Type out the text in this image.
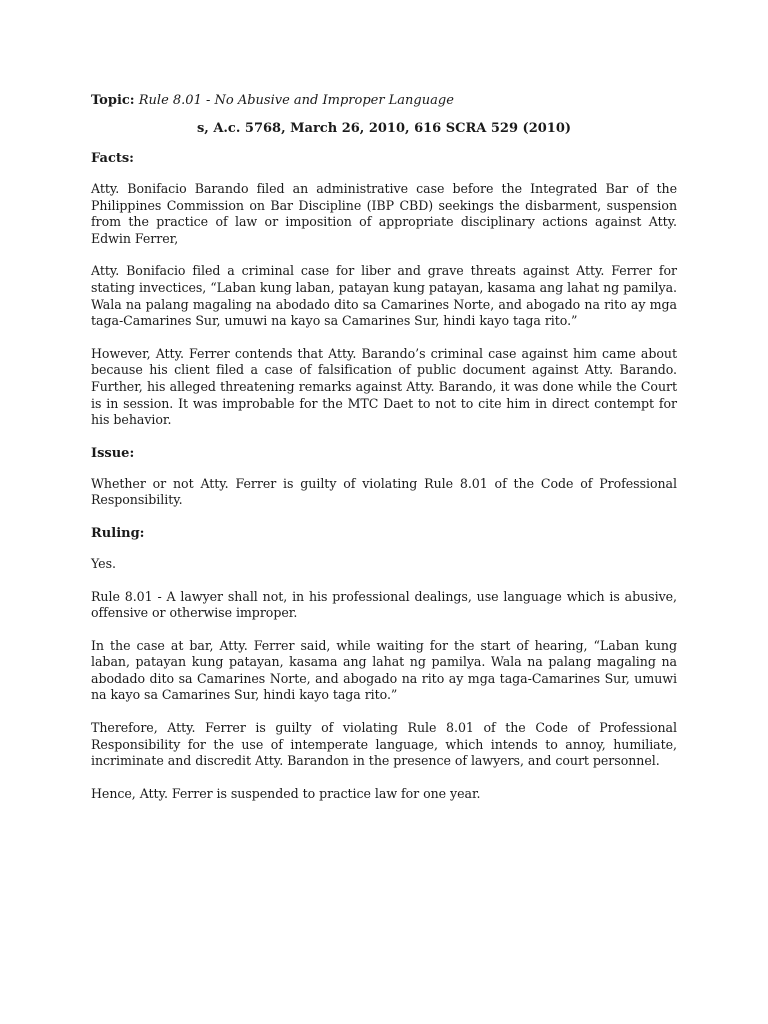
Topic: Rule 8.01 - No Abusive and Improper Language
s, A.c. 5768, March 26, 2010, 616 SCRA 529 (2010)
Facts:

Atty. Bonifacio Barando filed an administrative case before the Integrated Bar of the Philippines Commission on Bar Discipline (IBP CBD) seekings the disbarment, suspension from the practice of law or imposition of appropriate disciplinary actions against Atty. Edwin Ferrer,

Atty. Bonifacio filed a criminal case for liber and grave threats against Atty. Ferrer for stating invectices, “Laban kung laban, patayan kung patayan, kasama ang lahat ng pamilya. Wala na palang magaling na abodado dito sa Camarines Norte, and abogado na rito ay mga taga-Camarines Sur, umuwi na kayo sa Camarines Sur, hindi kayo taga rito.”

However, Atty. Ferrer contends that Atty. Barando’s criminal case against him came about because his client filed a case of falsification of public document against Atty. Barando. Further, his alleged threatening remarks against Atty. Barando, it was done while the Court is in session. It was improbable for the MTC Daet to not to cite him in direct contempt for his behavior.

Issue:

Whether or not Atty. Ferrer is guilty of violating Rule 8.01 of the Code of Professional Responsibility.

Ruling:

Yes.

Rule 8.01 - A lawyer shall not, in his professional dealings, use language which is abusive, offensive or otherwise improper.

In the case at bar, Atty. Ferrer said, while waiting for the start of hearing, “Laban kung laban, patayan kung patayan, kasama ang lahat ng pamilya. Wala na palang magaling na abodado dito sa Camarines Norte, and abogado na rito ay mga taga-Camarines Sur, umuwi na kayo sa Camarines Sur, hindi kayo taga rito.”

Therefore, Atty. Ferrer is guilty of violating Rule 8.01 of the Code of Professional Responsibility for the use of intemperate language, which intends to annoy, humiliate, incriminate and discredit Atty. Barandon in the presence of lawyers, and court personnel.

Hence, Atty. Ferrer is suspended to practice law for one year.
